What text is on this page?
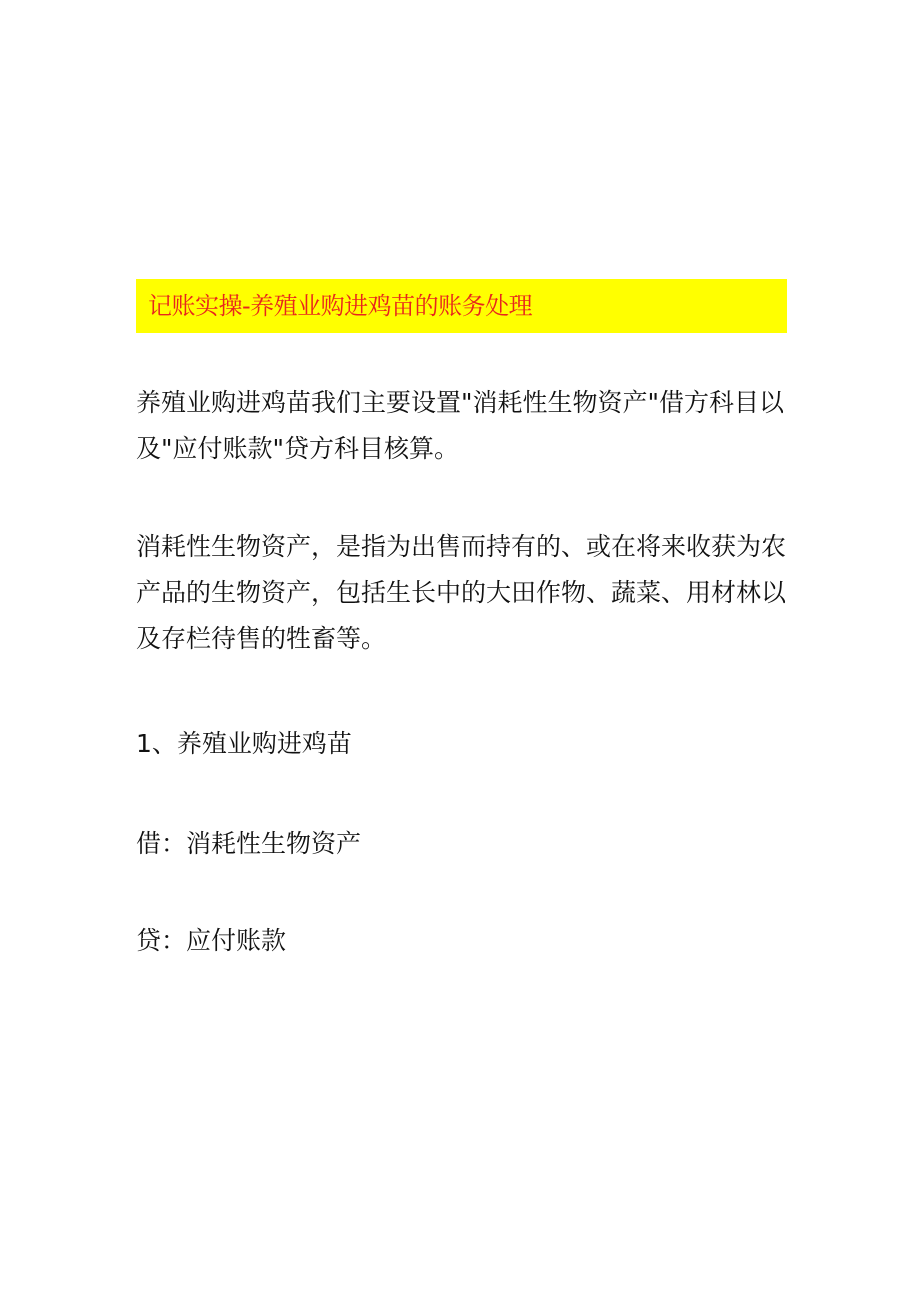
记账实操-养殖业购进鸡苗的账务处理

养殖业购进鸡苗我们主要设置"消耗性生物资产"借方科目以及"应付账款"贷方科目核算。

消耗性生物资产，是指为出售而持有的、或在将来收获为农产品的生物资产，包括生长中的大田作物、蔬菜、用材林以及存栏待售的牲畜等。

1、养殖业购进鸡苗

借：消耗性生物资产

贷：应付账款
